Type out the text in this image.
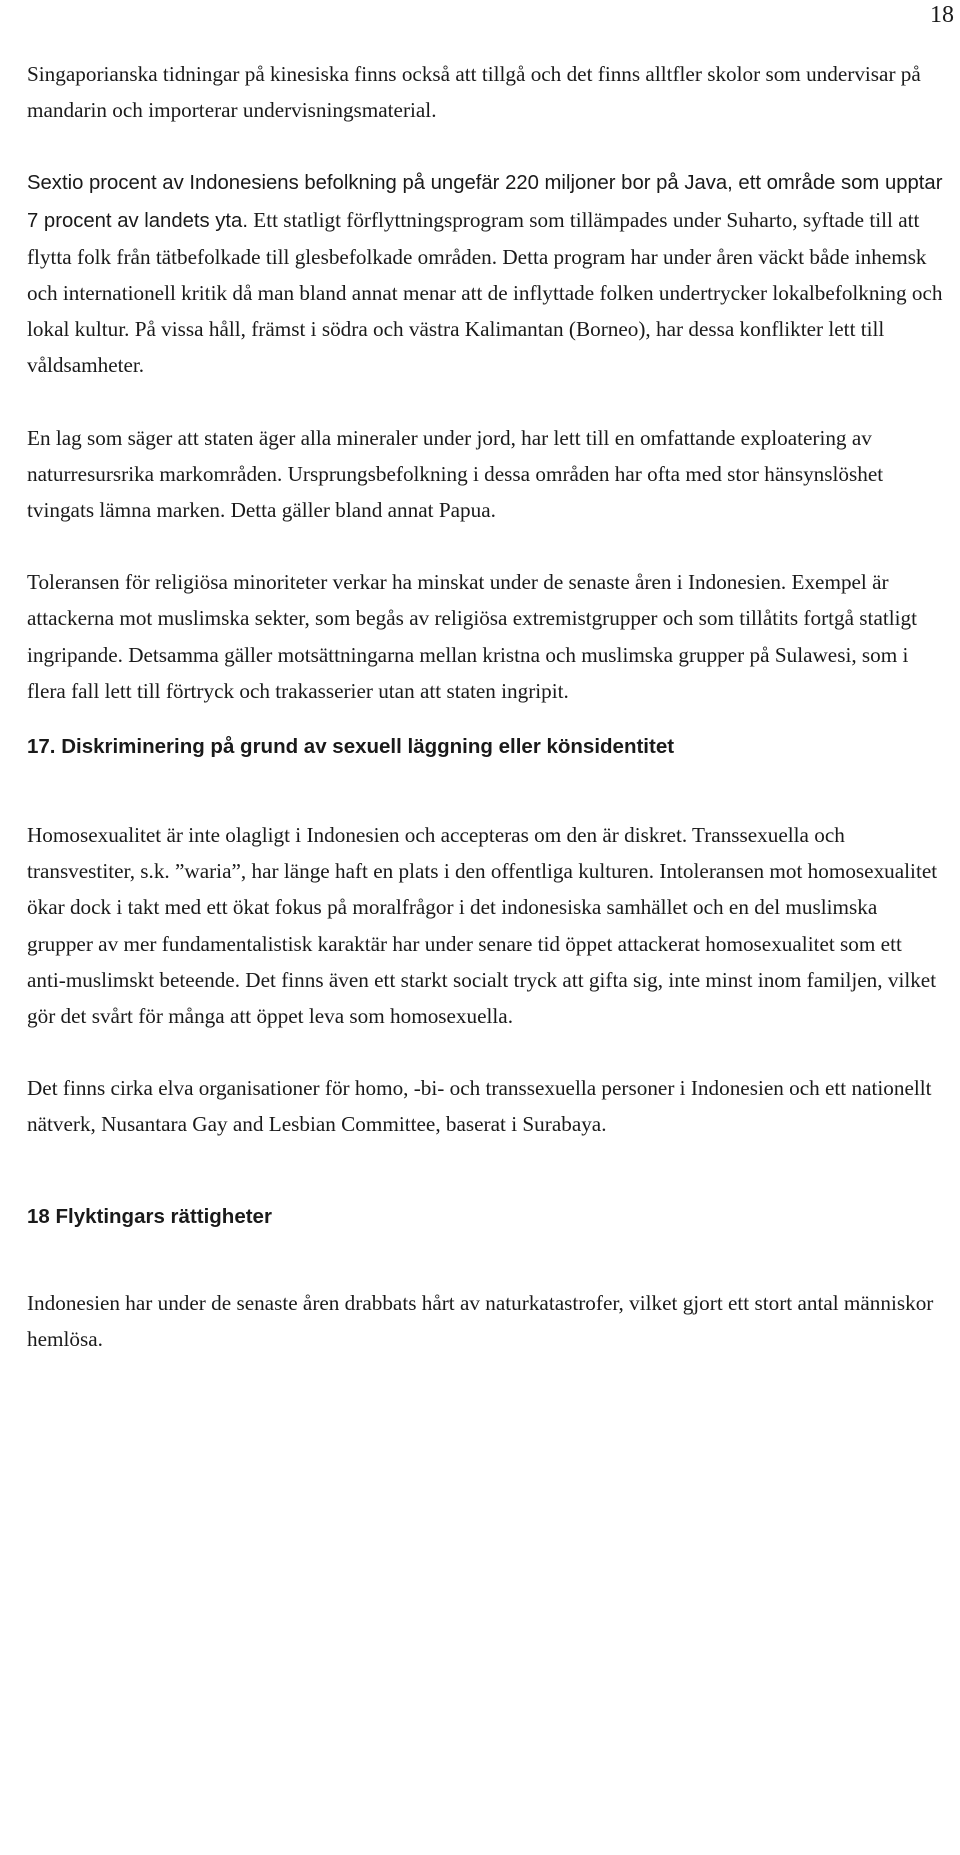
18

Singaporianska tidningar på kinesiska finns också att tillgå och det finns alltfler skolor som undervisar på mandarin och importerar undervisningsmaterial.

Sextio procent av Indonesiens befolkning på ungefär 220 miljoner bor på Java, ett område som upptar 7 procent av landets yta. Ett statligt förflyttningsprogram som tillämpades under Suharto, syftade till att flytta folk från tätbefolkade till glesbefolkade områden. Detta program har under åren väckt både inhemsk och internationell kritik då man bland annat menar att de inflyttade folken undertrycker lokalbefolkning och lokal kultur. På vissa håll, främst i södra och västra Kalimantan (Borneo), har dessa konflikter lett till våldsamheter.

En lag som säger att staten äger alla mineraler under jord, har lett till en omfattande exploatering av naturresursrika markområden. Ursprungsbefolkning i dessa områden har ofta med stor hänsynslöshet tvingats lämna marken. Detta gäller bland annat Papua.

Toleransen för religiösa minoriteter verkar ha minskat under de senaste åren i Indonesien. Exempel är attackerna mot muslimska sekter, som begås av religiösa extremistgrupper och som tillåtits fortgå statligt ingripande. Detsamma gäller motsättningarna mellan kristna och muslimska grupper på Sulawesi, som i flera fall lett till förtryck och trakasserier utan att staten ingripit.

17. Diskriminering på grund av sexuell läggning eller könsidentitet

Homosexualitet är inte olagligt i Indonesien och accepteras om den är diskret. Transsexuella och transvestiter, s.k. ”waria”, har länge haft en plats i den offentliga kulturen. Intoleransen mot homosexualitet ökar dock i takt med ett ökat fokus på moralfrågor i det indonesiska samhället och en del muslimska grupper av mer fundamentalistisk karaktär har under senare tid öppet attackerat homosexualitet som ett anti-muslimskt beteende. Det finns även ett starkt socialt tryck att gifta sig, inte minst inom familjen, vilket gör det svårt för många att öppet leva som homosexuella.

Det finns cirka elva organisationer för homo, -bi- och transsexuella personer i Indonesien och ett nationellt nätverk, Nusantara Gay and Lesbian Committee, baserat i Surabaya.

18 Flyktingars rättigheter

Indonesien har under de senaste åren drabbats hårt av naturkatastrofer, vilket gjort ett stort antal människor hemlösa.
